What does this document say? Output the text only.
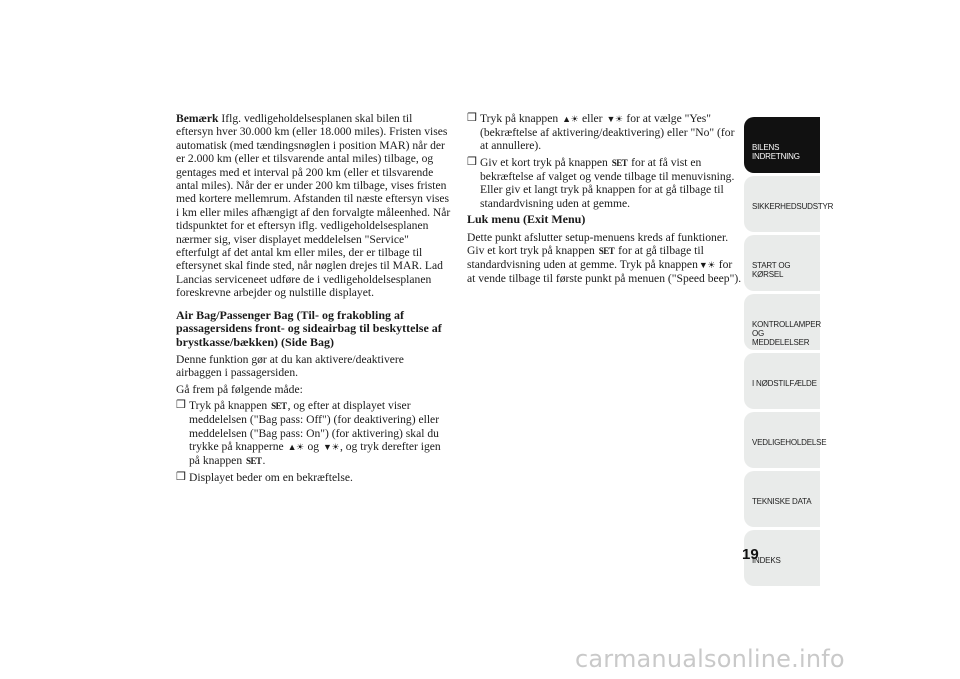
Bemærk Iflg. vedligeholdelsesplanen skal bilen til eftersyn hver 30.000 km (eller 18.000 miles). Fristen vises automatisk (med tændingsnøglen i position MAR) når der er 2.000 km (eller et tilsvarende antal miles) tilbage, og gentages med et interval på 200 km (eller et tilsvarende antal miles). Når der er under 200 km tilbage, vises fristen med kortere mellemrum. Afstanden til næste eftersyn vises i km eller miles afhængigt af den forvalgte måleenhed. Når tidspunktet for et eftersyn iflg. vedligeholdelsesplanen nærmer sig, viser displayet meddelelsen "Service" efterfulgt af det antal km eller miles, der er tilbage til eftersynet skal finde sted, når nøglen drejes til MAR. Lad Lancias serviceneet udføre de i vedligeholdelsesplanen foreskrevne arbejder og nulstille displayet.

Air Bag/Passenger Bag (Til- og frakobling af passagersidens front- og sideairbag til beskyttelse af brystkasse/bækken) (Side Bag)

Denne funktion gør at du kan aktivere/deaktivere airbaggen i passagersiden.

Gå frem på følgende måde:

❒ Tryk på knappen SET, og efter at displayet viser meddelelsen ("Bag pass: Off") (for deaktivering) eller meddelelsen ("Bag pass: On") (for aktivering) skal du trykke på knapperne ▲☀ og ▼☀, og tryk derefter igen på knappen SET.
❒ Displayet beder om en bekræftelse.
❒ Tryk på knappen ▲☀ eller ▼☀ for at vælge "Yes" (bekræftelse af aktivering/deaktivering) eller "No" (for at annullere).
❒ Giv et kort tryk på knappen SET for at få vist en bekræftelse af valget og vende tilbage til menuvisning. Eller giv et langt tryk på knappen for at gå tilbage til standardvisning uden at gemme.
Luk menu (Exit Menu)

Dette punkt afslutter setup-menuens kreds af funktioner. Giv et kort tryk på knappen SET for at gå tilbage til standardvisning uden at gemme. Tryk på knappen▼☀ for at vende tilbage til første punkt på menuen ("Speed beep").

BILENS
INDRETNING
SIKKERHEDSUDSTYR
START OG KØRSEL
KONTROLLAMPER
OG MEDDELELSER
I NØDSTILFÆLDE
VEDLIGEHOLDELSE
TEKNISKE DATA
INDEKS
19
carmanualsonline.info
